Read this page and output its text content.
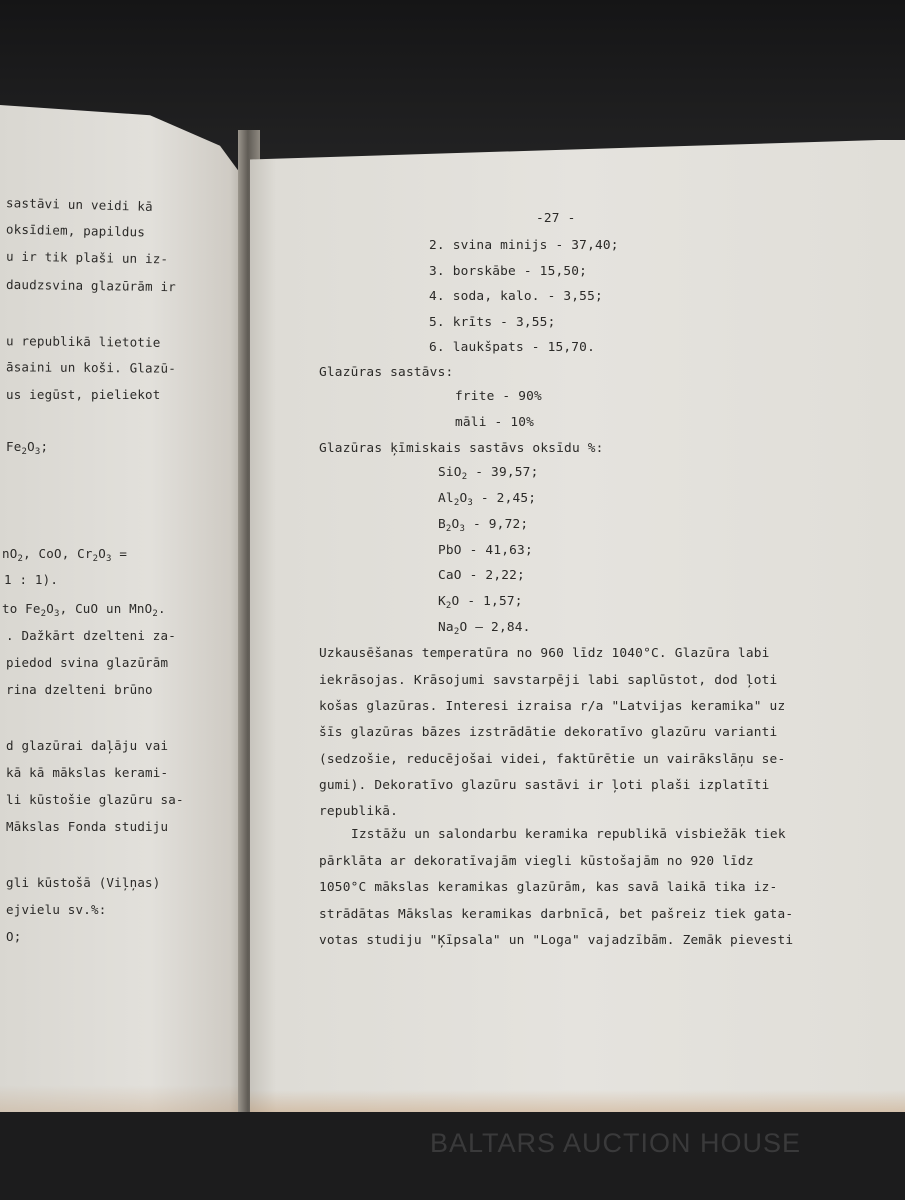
sastāvi un veidi kā
oksīdiem, papildus
u ir tik plaši un iz-
daudzsvina glazūrām ir
u republikā lietotie
āsaini un koši. Glazū-
us iegūst, pieliekot
$Fe_2O_3$;
$nO_2$, CoO, $Cr_2O_3$ =
1 : 1).
to $Fe_2O_3$, CuO un MnO$_2$.
. Dažkārt dzelteni za-
piedod svina glazūrām
rina dzelteni brūno
d glazūrai daļāju vai
kā kā mākslas kerami-
li kūstošie glazūru sa-
Mākslas Fonda studiju
gli kūstošā (Viļņas)
ejvielu sv.%:
O;
-27 -
2. svina minijs - 37,40;
3. borskābe - 15,50;
4. soda, kalo. - 3,55;
5. krīts - 3,55;
6. laukšpats - 15,70.
Glazūras sastāvs:
frite - 90%
māli - 10%
Glazūras ķīmiskais sastāvs oksīdu %:
SiO$_2$ - 39,57;
$Al_2O_3 - 2,45$;
$B_2O_3 - 9,72$;
PbO - 41,63;
CaO - 2,22;
$K_2O - 1,57$;
$Na_2O$ — 2,84.
Uzkausēšanas temperatūra no 960 līdz 1040°C. Glazūra labi
iekrāsojas. Krāsojumi savstarpēji labi saplūstot, dod ļoti
košas glazūras. Interesi izraisa r/a "Latvijas keramika" uz
šīs glazūras bāzes izstrādātie dekoratīvo glazūru varianti
(sedzošie, reducējošai videi, faktūrētie un vairākslāņu se-
gumi). Dekoratīvo glazūru sastāvi ir ļoti plaši izplatīti
republikā.
Izstāžu un salondarbu keramika republikā visbiežāk tiek
pārklāta ar dekoratīvajām viegli kūstošajām no 920 līdz
1050°C mākslas keramikas glazūrām, kas savā laikā tika iz-
strādātas Mākslas keramikas darbnīcā, bet pašreiz tiek gata-
votas studiju "Ķīpsala" un "Loga" vajadzībām. Zemāk pievesti
BALTARS AUCTION HOUSE
